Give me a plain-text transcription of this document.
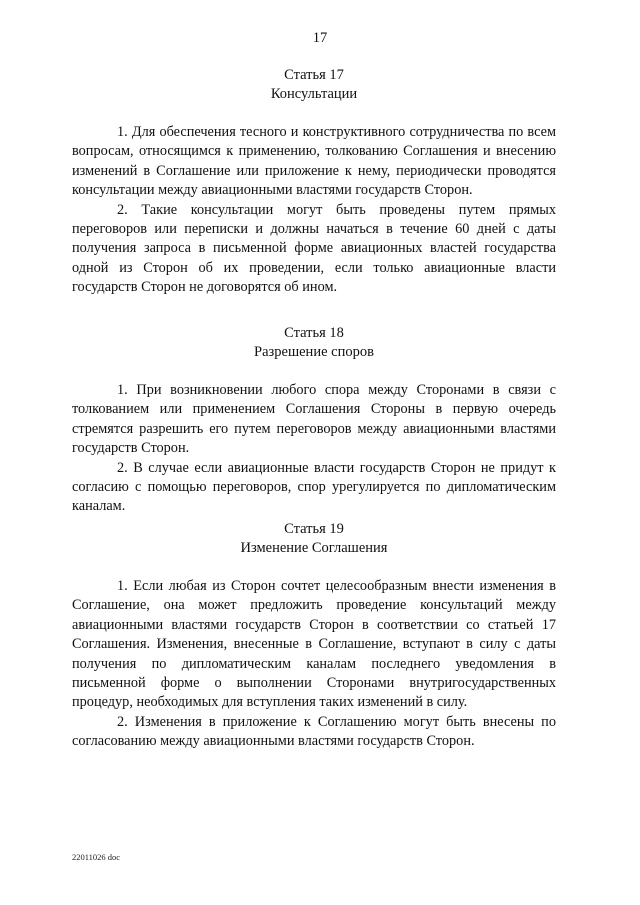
17
Статья 17
Консультации

1. Для обеспечения тесного и конструктивного сотрудничества по всем вопросам, относящимся к применению, толкованию Соглашения и внесению изменений в Соглашение или приложение к нему, периодически проводятся консультации между авиационными властями государств Сторон.

2. Такие консультации могут быть проведены путем прямых переговоров или переписки и должны начаться в течение 60 дней с даты получения запроса в письменной форме авиационных властей государства одной из Сторон об их проведении, если только авиационные власти государств Сторон не договорятся об ином.

Статья 18
Разрешение споров

1. При возникновении любого спора между Сторонами в связи с толкованием или применением Соглашения Стороны в первую очередь стремятся разрешить его путем переговоров между авиационными властями государств Сторон.

2. В случае если авиационные власти государств Сторон не придут к согласию с помощью переговоров, спор урегулируется по дипломатическим каналам.

Статья 19
Изменение Соглашения

1. Если любая из Сторон сочтет целесообразным внести изменения в Соглашение, она может предложить проведение консультаций между авиационными властями государств Сторон в соответствии со статьей 17 Соглашения. Изменения, внесенные в Соглашение, вступают в силу с даты получения по дипломатическим каналам последнего уведомления в письменной форме о выполнении Сторонами внутригосударственных процедур, необходимых для вступления таких изменений в силу.

2. Изменения в приложение к Соглашению могут быть внесены по согласованию между авиационными властями государств Сторон.

22011026 doc
